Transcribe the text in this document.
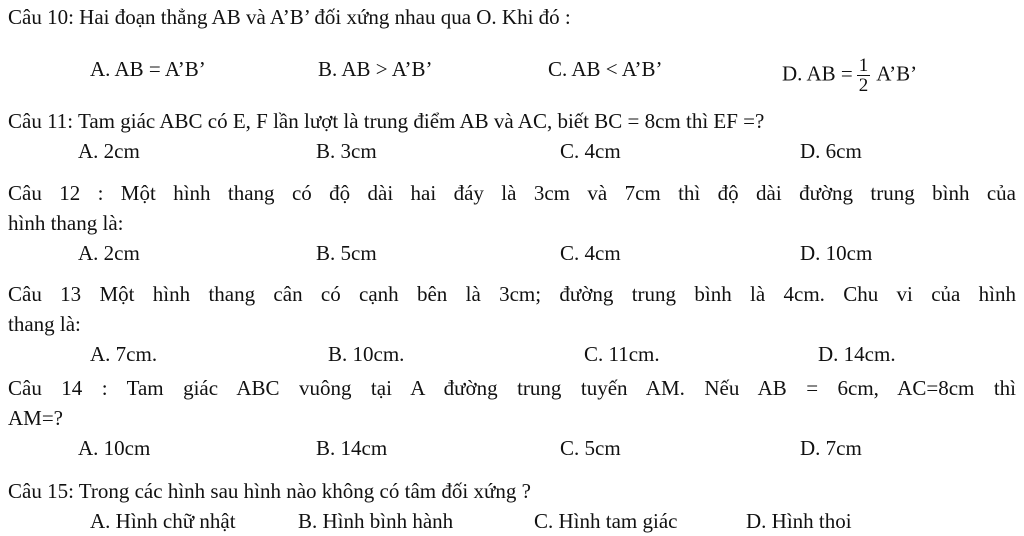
Câu 10: Hai đoạn thẳng AB và A’B’ đối xứng nhau qua O. Khi đó :
A. AB = A’B’	B. AB > A’B’	C. AB < A’B’	D. AB = $\frac{1}{2}$ A’B’
Câu 11: Tam giác ABC có E, F lần lượt là trung điểm AB và AC, biết BC = 8cm thì EF =?
A. 2cm	B. 3cm	C. 4cm	D. 6cm
Câu 12 : Một hình thang có độ dài hai đáy là 3cm và 7cm thì độ dài đường trung bình của
hình thang là:
A. 2cm	B. 5cm	C. 4cm	D. 10cm
Câu 13 Một hình thang cân có cạnh bên là 3cm; đường trung bình là 4cm. Chu vi của hình
thang là:
A. 7cm.	B. 10cm.	C. 11cm.	D. 14cm.
Câu 14 : Tam giác ABC vuông tại A đường trung tuyến AM. Nếu AB = 6cm, AC=8cm thì
AM=?
A. 10cm	B. 14cm	C. 5cm	D. 7cm
Câu 15: Trong các hình sau hình nào không có tâm đối xứng ?
A. Hình chữ nhật	B. Hình bình hành	C. Hình tam giác	D. Hình thoi
